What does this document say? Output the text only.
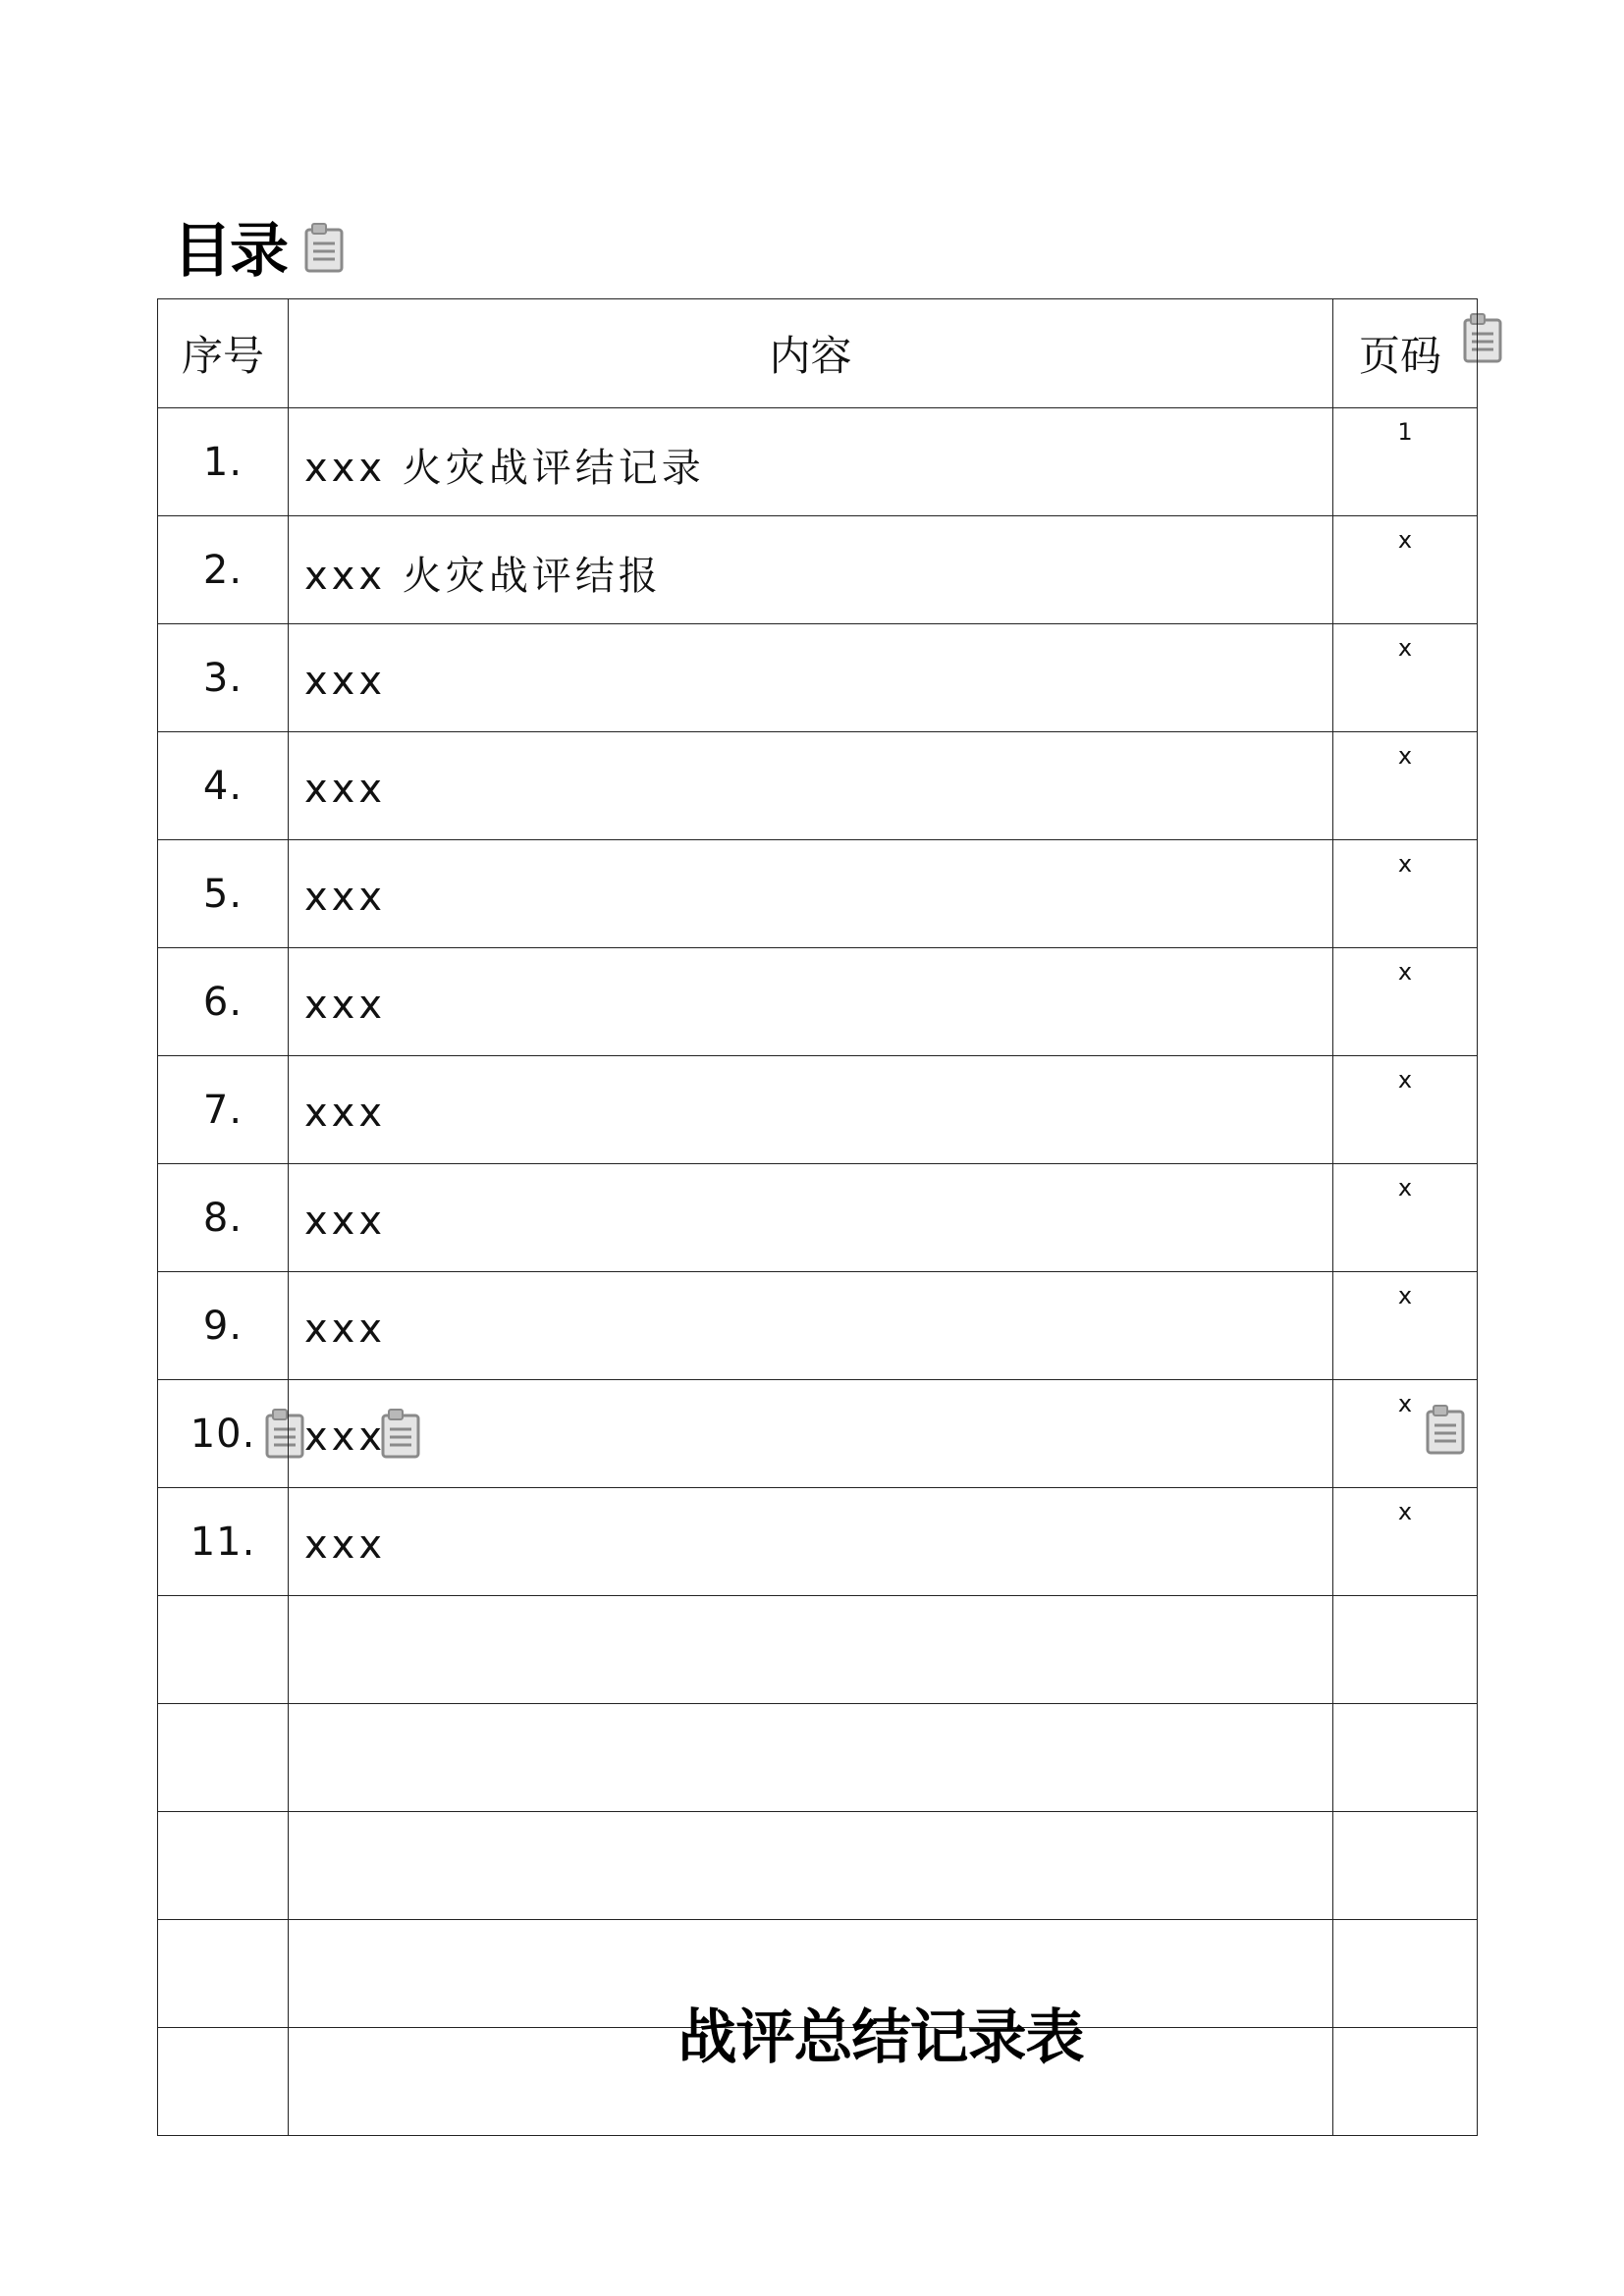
目录
序号	内容	页码
1.	xxx 火灾战评结记录	1
2.	xxx 火灾战评结报	x
3.	xxx	x
4.	xxx	x
5.	xxx	x
6.	xxx	x
7.	xxx	x
8.	xxx	x
9.	xxx	x
10.	xxx	x
11.	xxx	x

战评总结记录表
